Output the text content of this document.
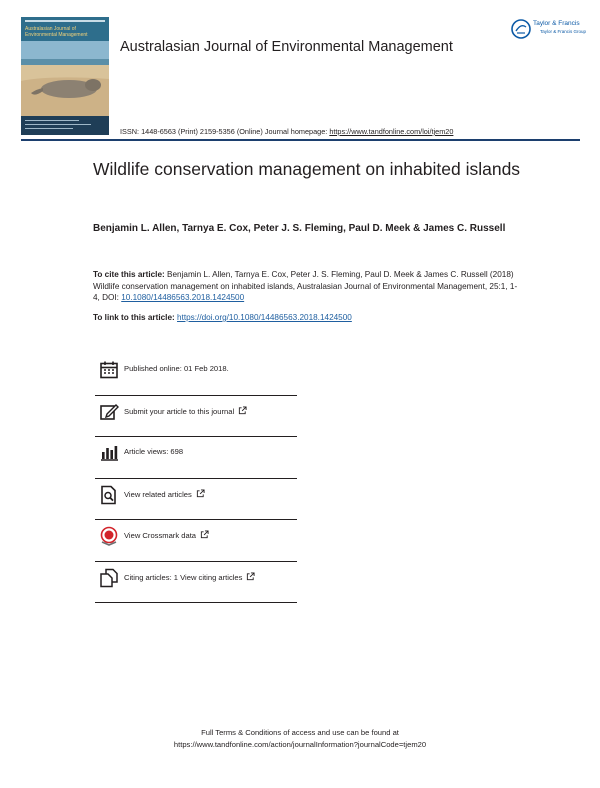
Australasian Journal of
Environmental Management
Australasian Journal of Environmental Management
Taylor & Francis
Taylor & Francis Group
ISSN: 1448-6563 (Print) 2159-5356 (Online) Journal homepage: https://www.tandfonline.com/loi/tjem20
Wildlife conservation management on inhabited islands

Benjamin L. Allen, Tarnya E. Cox, Peter J. S. Fleming, Paul D. Meek & James C. Russell

To cite this article: Benjamin L. Allen, Tarnya E. Cox, Peter J. S. Fleming, Paul D. Meek & James C. Russell (2018) Wildlife conservation management on inhabited islands, Australasian Journal of Environmental Management, 25:1, 1-4, DOI: 10.1080/14486563.2018.1424500

To link to this article: https://doi.org/10.1080/14486563.2018.1424500

Published online: 01 Feb 2018.
Submit your article to this journal
Article views: 698
View related articles
View Crossmark data
Citing articles: 1 View citing articles
Full Terms & Conditions of access and use can be found at
https://www.tandfonline.com/action/journalInformation?journalCode=tjem20
